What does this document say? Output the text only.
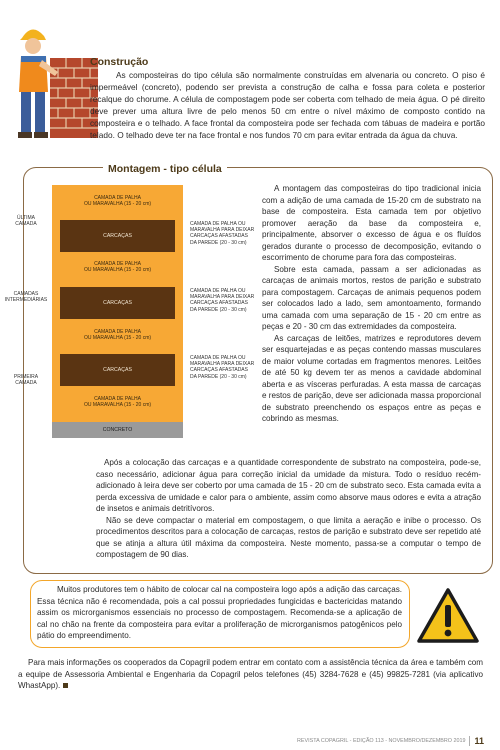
Construção

As composteiras do tipo célula são normalmente construídas em alvenaria ou concreto. O piso é impermeável (concreto), podendo ser prevista a construção de calha e fossa para coleta e posterior recalque do chorume. A célula de compostagem pode ser coberta com telhado de meia água. O pé direito deve prever uma altura livre de pelo menos 50 cm entre o nível máximo de composto contido na composteira e o telhado. A face frontal da composteira pode ser fechada com tábuas de madeira e portão telado. O telhado deve ter na face frontal e nos fundos 70 cm para evitar entrada da água da chuva.

Montagem - tipo célula
CAMADA DE PALHA
OU MARAVALHA (15 - 20 cm)
CARCAÇAS
CAMADA DE PALHA
OU MARAVALHA (15 - 20 cm)
CARCAÇAS
CAMADA DE PALHA
OU MARAVALHA (15 - 20 cm)
CARCAÇAS
CAMADA DE PALHA
OU MARAVALHA (15 - 20 cm)
CONCRETO
ÚLTIMA
CAMADA
CAMADAS
INTERMEDIÁRIAS
PRIMEIRA
CAMADA
CAMADA DE PALHA OU
MARAVALHA PARA DEIXAR
CARCAÇAS AFASTADAS
DA PAREDE (20 - 30 cm)
CAMADA DE PALHA OU
MARAVALHA PARA DEIXAR
CARCAÇAS AFASTADAS
DA PAREDE (20 - 30 cm)
CAMADA DE PALHA OU
MARAVALHA PARA DEIXAR
CARCAÇAS AFASTADAS
DA PAREDE (20 - 30 cm)

A montagem das composteiras do tipo tradicional inicia com a adição de uma camada de 15-20 cm de substrato na base de composteira. Esta camada tem por objetivo promover aeração da base da composteira e, principalmente, absorver o excesso de água e os fluídos gerados durante o processo de decomposição, evitando o escorrimento de chorume para fora das composteiras.

Sobre esta camada, passam a ser adicionadas as carcaças de animais mortos, restos de parição e substrato para compostagem. Carcaças de animais pequenos podem ser colocados lado a lado, sem amontoamento, formando uma camada com uma separação de 15 - 20 cm entre as peças e 20 - 30 cm das extremidades da composteira.

As carcaças de leitões, matrizes e reprodutores devem ser esquartejadas e as peças contendo massas musculares de maior volume cortadas em fragmentos menores. Leitões de até 50 kg devem ter as menos a cavidade abdominal aberta e as vísceras perfuradas. A esta massa de carcaças e restos de parição, deve ser adicionada massa proporcional de substrato preenchendo os espaços entre as peças e cobrindo as mesmas.

Após a colocação das carcaças e a quantidade correspondente de substrato na composteira, pode-se, caso necessário, adicionar água para correção inicial da umidade da mistura. Todo o resíduo recém-adicionado à leira deve ser coberto por uma camada de 15 - 20 cm de substrato seco. Esta camada evita a perda excessiva de umidade e calor para o ambiente, assim como absorve maus odores e evita a atração de insetos e animais detritívoros.

Não se deve compactar o material em compostagem, o que limita a aeração e inibe o processo. Os procedimentos descritos para a colocação de carcaças, restos de parição e substrato deve ser repetido até que se atinja a altura útil máxima da composteira. Neste momento, passa-se a computar o tempo de compostagem de 90 dias.

Muitos produtores tem o hábito de colocar cal na composteira logo após a adição das carcaças. Essa técnica não é recomendada, pois a cal possui propriedades fungicidas e bactericidas matando assim os microrganismos essenciais no processo de compostagem. Recomenda-se a aplicação de cal no chão na frente da composteira para evitar a proliferação de microrganismos patogênicos pelo pátio do empreendimento.

Para mais informações os cooperados da Copagril podem entrar em contato com a assistência técnica da área e também com a equipe de Assessoria Ambiental e Engenharia da Copagril pelos telefones (45) 3284-7628 e (45) 99825-7281 (via aplicativo WhastApp).

REVISTA COPAGRIL - EDIÇÃO 113 - NOVEMBRO/DEZEMBRO 2019 11
